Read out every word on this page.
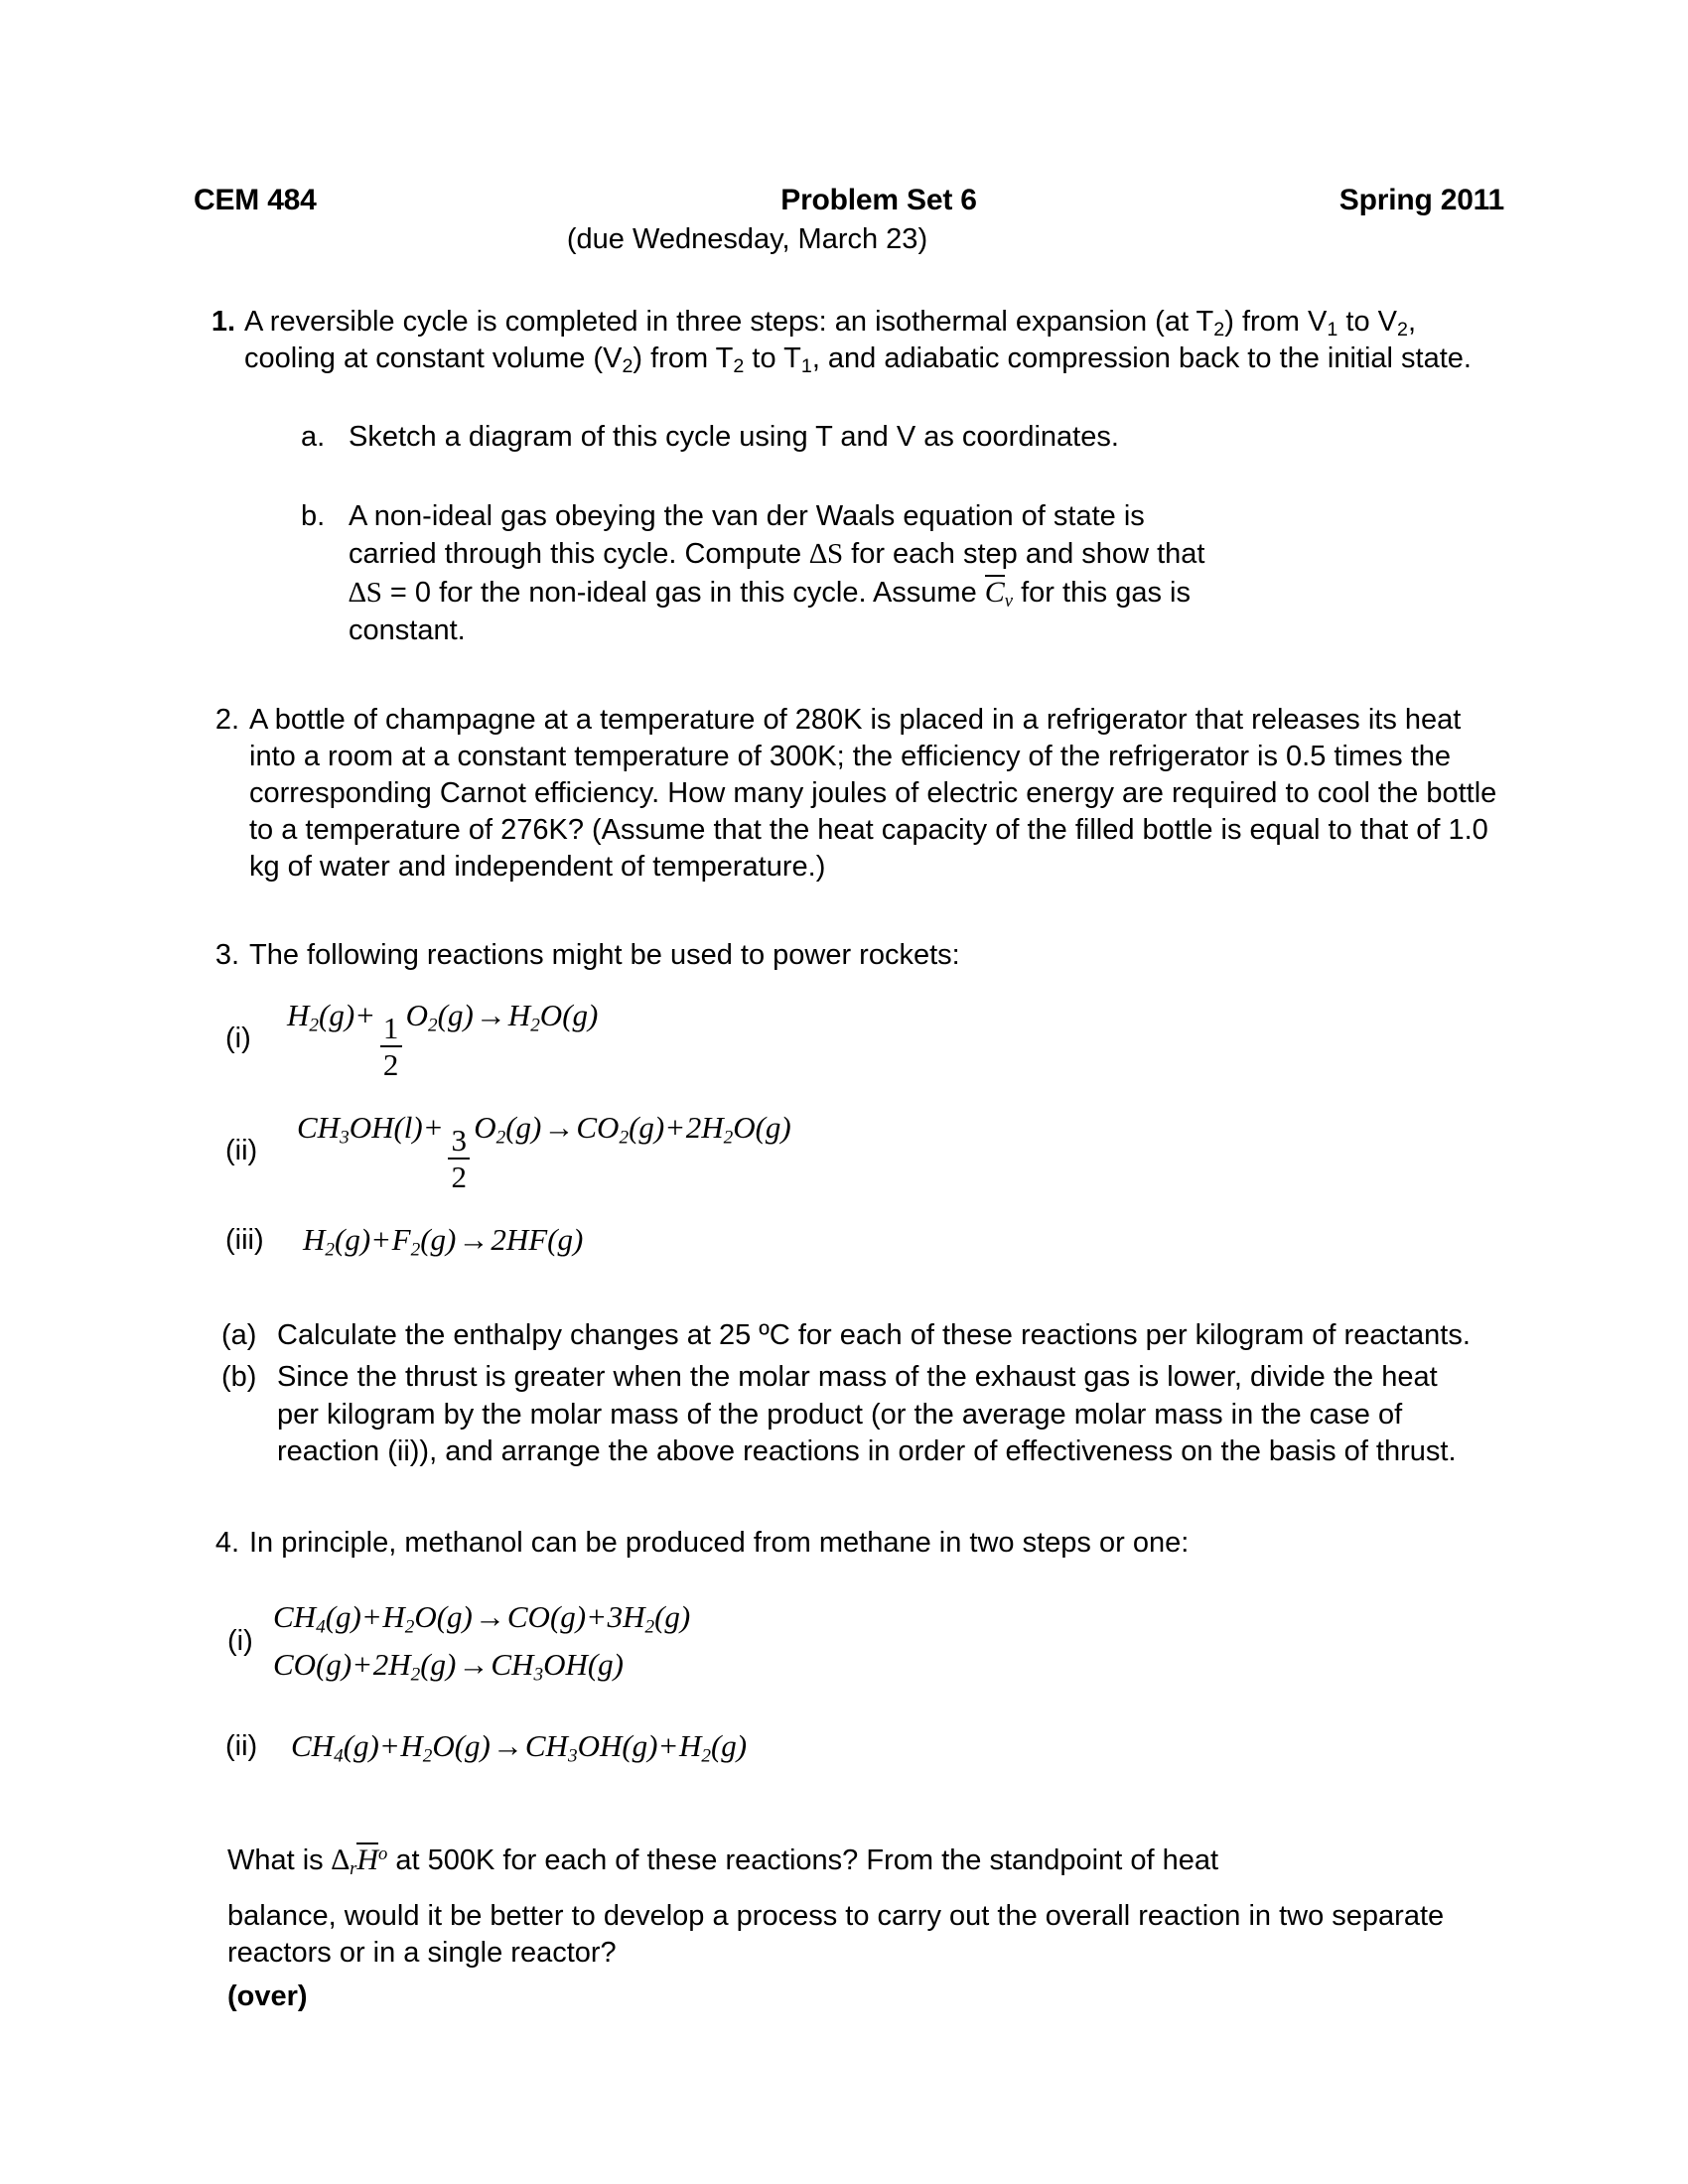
CEM 484	Problem Set 6	Spring 2011
(due Wednesday, March 23)
1. A reversible cycle is completed in three steps: an isothermal expansion (at $T_2$) from $V_1$ to $V_2$, cooling at constant volume $(V_2)$ from $T_2$ to $T_1$, and adiabatic compression back to the initial state.
a. Sketch a diagram of this cycle using T and V as coordinates.
b. A non-ideal gas obeying the van der Waals equation of state is carried through this cycle. Compute ∆S for each step and show that ∆S = 0 for the non-ideal gas in this cycle. Assume $C_v$ for this gas is constant.
2. A bottle of champagne at a temperature of 280K is placed in a refrigerator that releases its heat into a room at a constant temperature of 300K; the efficiency of the refrigerator is 0.5 times the corresponding Carnot efficiency. How many joules of electric energy are required to cool the bottle to a temperature of 276K? (Assume that the heat capacity of the filled bottle is equal to that of 1.0 kg of water and independent of temperature.)
3. The following reactions might be used to power rockets:
(i)
$H_2(g)+ \frac{1}{2} O_2(g)\to H_2O(g)$
(ii)
$CH_3OH(l)+ \frac{3}{2} O_2(g)\to CO_2(g)+2H_2O(g)$
(iii)	$H_2(g)+F_2(g)\to 2HF(g)$
(a) Calculate the enthalpy changes at 25 ºC for each of these reactions per kilogram of reactants.
(b) Since the thrust is greater when the molar mass of the exhaust gas is lower, divide the heat per kilogram by the molar mass of the product (or the average molar mass in the case of reaction (ii)), and arrange the above reactions in order of effectiveness on the basis of thrust.
4. In principle, methanol can be produced from methane in two steps or one:
(i)
$CH_4(g)+H_2O(g)\to CO(g)+3H_2(g)$
$CO(g)+2H_2(g)\to CH_3OH(g)$
(ii)	$CH_4(g)+H_2O(g)\to CH_3OH(g)+H_2(g)$
What is $\Delta_rH^o$ at 500K for each of these reactions? From the standpoint of heat
balance, would it be better to develop a process to carry out the overall reaction in two separate reactors or in a single reactor?
(over)
